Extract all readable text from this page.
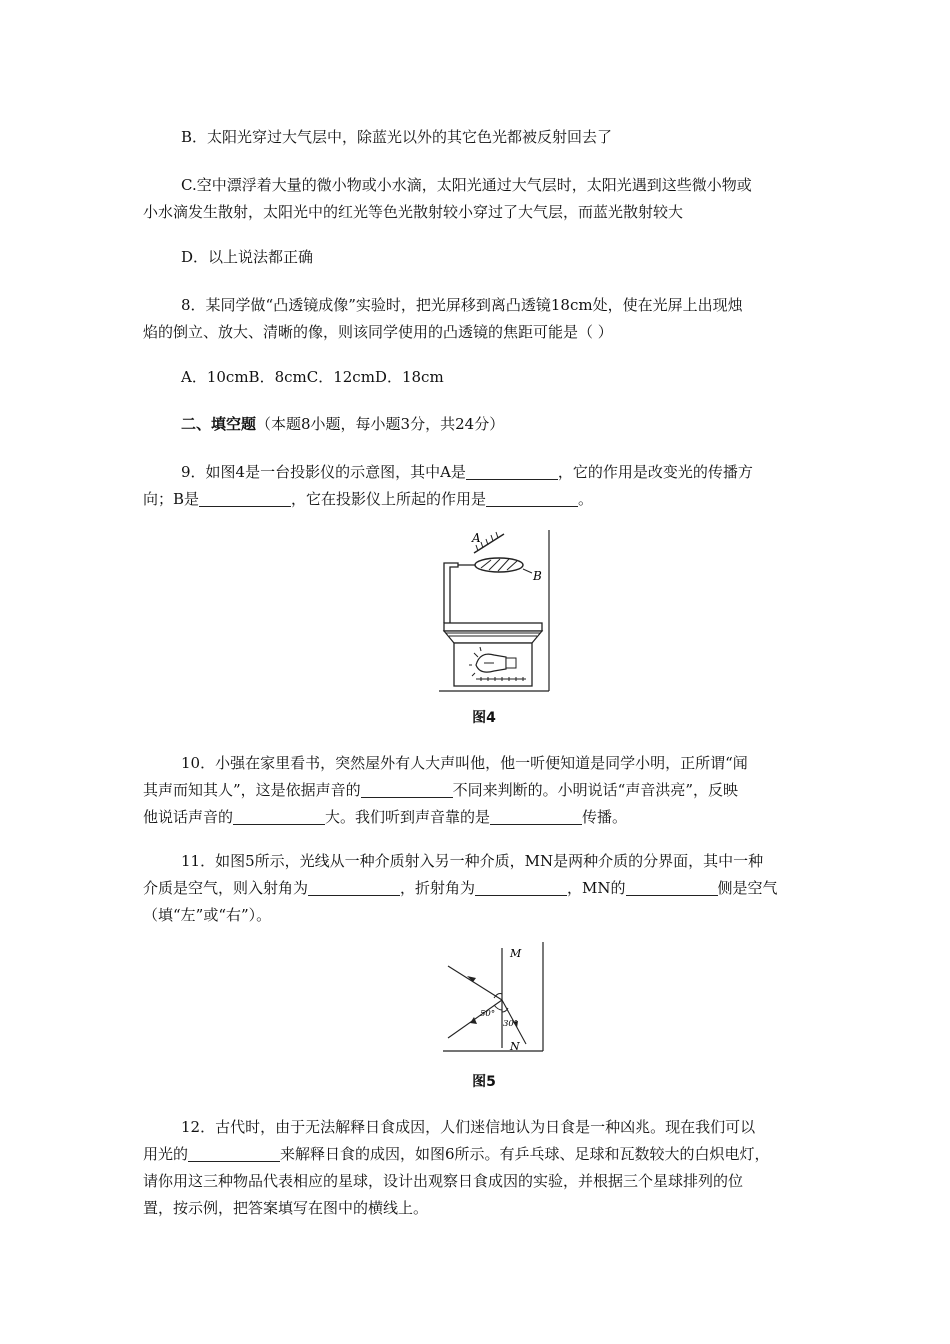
B．太阳光穿过大气层中，除蓝光以外的其它色光都被反射回去了
C.空中漂浮着大量的微小物或小水滴，太阳光通过大气层时，太阳光遇到这些微小物或
小水滴发生散射，太阳光中的红光等色光散射较小穿过了大气层，而蓝光散射较大
D．以上说法都正确
8．某同学做“凸透镜成像”实验时，把光屏移到离凸透镜18cm处，使在光屏上出现烛
焰的倒立、放大、清晰的像，则该同学使用的凸透镜的焦距可能是（ ）
A．10cmB．8cmC．12cmD．18cm
二、填空题（本题8小题，每小题3分，共24分）
9．如图4是一台投影仪的示意图，其中A是	，它的作用是改变光的传播方
向；B是	，它在投影仪上所起的作用是	。
A
B
图4
10．小强在家里看书，突然屋外有人大声叫他，他一听便知道是同学小明，正所谓“闻
其声而知其人”，这是依据声音的	不同来判断的。小明说话“声音洪亮”，反映
他说话声音的	大。我们听到声音靠的是	传播。
11．如图5所示，光线从一种介质射入另一种介质，MN是两种介质的分界面，其中一种
介质是空气，则入射角为	，折射角为	，MN的	侧是空气
（填“左”或“右”）。
M
N
50°
30°
图5
12．古代时，由于无法解释日食成因，人们迷信地认为日食是一种凶兆。现在我们可以
用光的	来解释日食的成因，如图6所示。有乒乓球、足球和瓦数较大的白炽电灯，
请你用这三种物品代表相应的星球，设计出观察日食成因的实验，并根据三个星球排列的位
置，按示例，把答案填写在图中的横线上。
